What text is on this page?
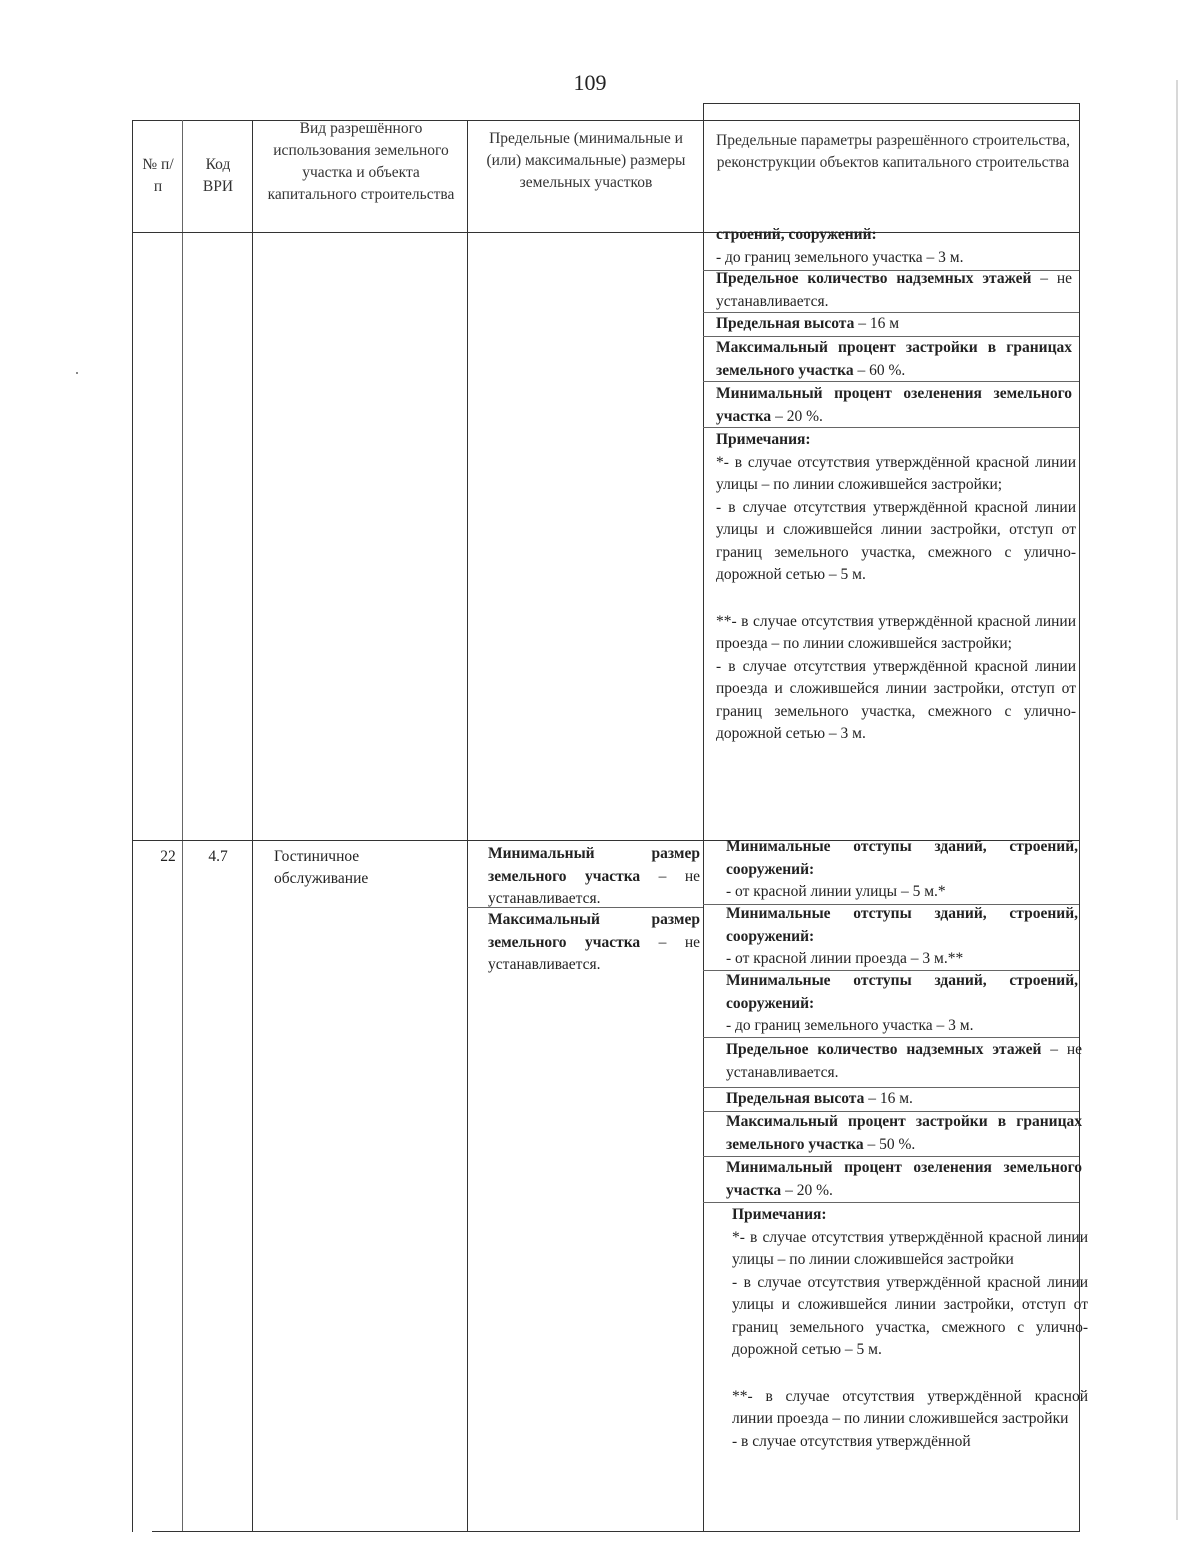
109
№ п/п
Код ВРИ
Вид разрешённого использования земельного участка и объекта капитального строительства
Предельные (минимальные и (или) максимальные) размеры земельных участков
Предельные параметры разрешённого строительства, реконструкции объектов капитального строительства
строений, сооружений:
- до границ земельного участка – 3 м.
Предельное количество надземных этажей – не устанавливается.
Предельная высота – 16 м
Максимальный процент застройки в границах земельного участка – 60 %.
Минимальный процент озеленения земельного участка – 20 %.
Примечания:
*- в случае отсутствия утверждённой красной линии улицы – по линии сложившейся застройки;
- в случае отсутствия утверждённой красной линии улицы и сложившейся линии застройки, отступ от границ земельного участка, смежного с улично-дорожной сетью – 5 м.
**- в случае отсутствия утверждённой красной линии проезда – по линии сложившейся застройки;
- в случае отсутствия утверждённой красной линии проезда и сложившейся линии застройки, отступ от границ земельного участка, смежного с улично-дорожной сетью – 3 м.
22	4.7	Гостиничное обслуживание
Минимальный размер земельного участка – не устанавливается.
Максимальный размер земельного участка – не устанавливается.
Минимальные отступы зданий, строений, сооружений:
- от красной линии улицы – 5 м.*
Минимальные отступы зданий, строений, сооружений:
- от красной линии проезда – 3 м.**
Минимальные отступы зданий, строений, сооружений:
- до границ земельного участка – 3 м.
Предельное количество надземных этажей – не устанавливается.
Предельная высота – 16 м.
Максимальный процент застройки в границах земельного участка – 50 %.
Минимальный процент озеленения земельного участка – 20 %.
Примечания:
*- в случае отсутствия утверждённой красной линии улицы – по линии сложившейся застройки
- в случае отсутствия утверждённой красной линии улицы и сложившейся линии застройки, отступ от границ земельного участка, смежного с улично-дорожной сетью – 5 м.
**- в случае отсутствия утверждённой красной линии проезда – по линии сложившейся застройки
- в случае отсутствия утверждённой
